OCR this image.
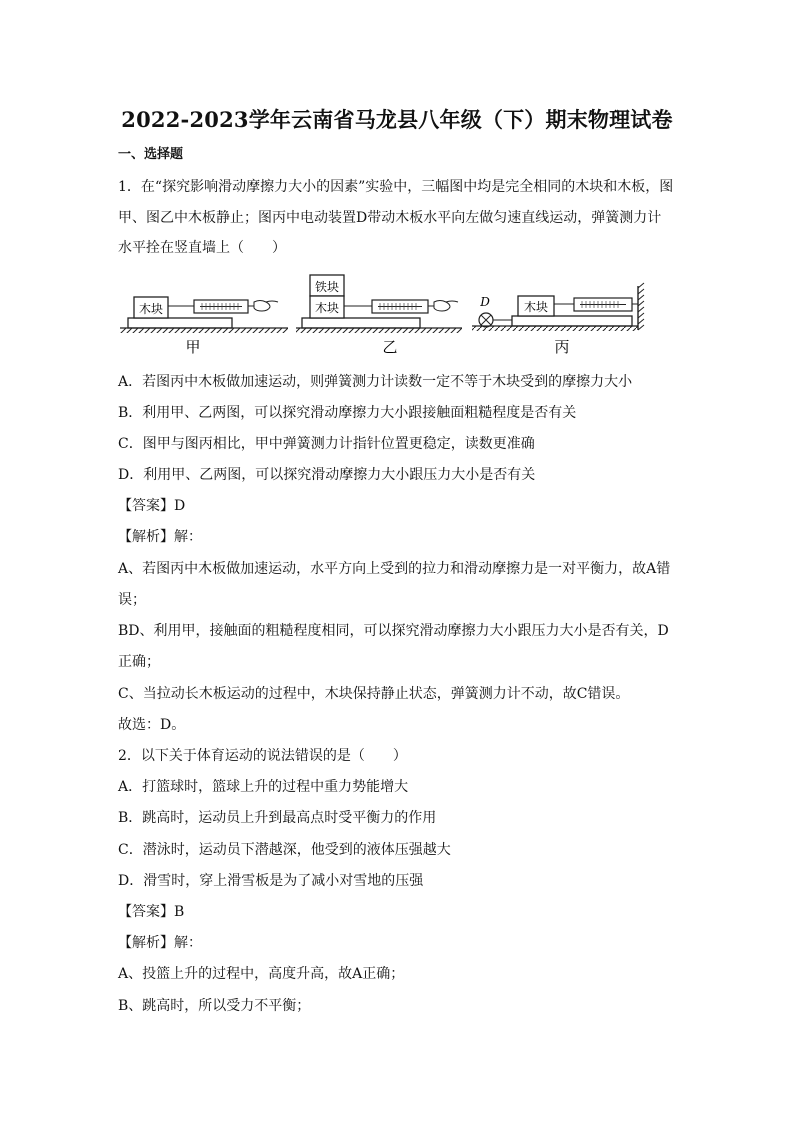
2022-2023学年云南省马龙县八年级（下）期末物理试卷
一、选择题
1．在“探究影响滑动摩擦力大小的因素”实验中，三幅图中均是完全相同的木块和木板，图
甲、图乙中木板静止；图丙中电动装置D带动木板水平向左做匀速直线运动，弹簧测力计
水平拴在竖直墙上（　　）
木块
甲
铁块
木块
乙
D	木块
丙
A．若图丙中木板做加速运动，则弹簧测力计读数一定不等于木块受到的摩擦力大小
B．利用甲、乙两图，可以探究滑动摩擦力大小跟接触面粗糙程度是否有关
C．图甲与图丙相比，甲中弹簧测力计指针位置更稳定，读数更准确
D．利用甲、乙两图，可以探究滑动摩擦力大小跟压力大小是否有关
【答案】D
【解析】解：
A、若图丙中木板做加速运动，水平方向上受到的拉力和滑动摩擦力是一对平衡力，故A错
误；
BD、利用甲，接触面的粗糙程度相同，可以探究滑动摩擦力大小跟压力大小是否有关，D
正确；
C、当拉动长木板运动的过程中，木块保持静止状态，弹簧测力计不动，故C错误。
故选：D。
2．以下关于体育运动的说法错误的是（　　）
A．打篮球时，篮球上升的过程中重力势能增大
B．跳高时，运动员上升到最高点时受平衡力的作用
C．潜泳时，运动员下潜越深，他受到的液体压强越大
D．滑雪时，穿上滑雪板是为了减小对雪地的压强
【答案】B
【解析】解：
A、投篮上升的过程中，高度升高，故A正确；
B、跳高时，所以受力不平衡；
